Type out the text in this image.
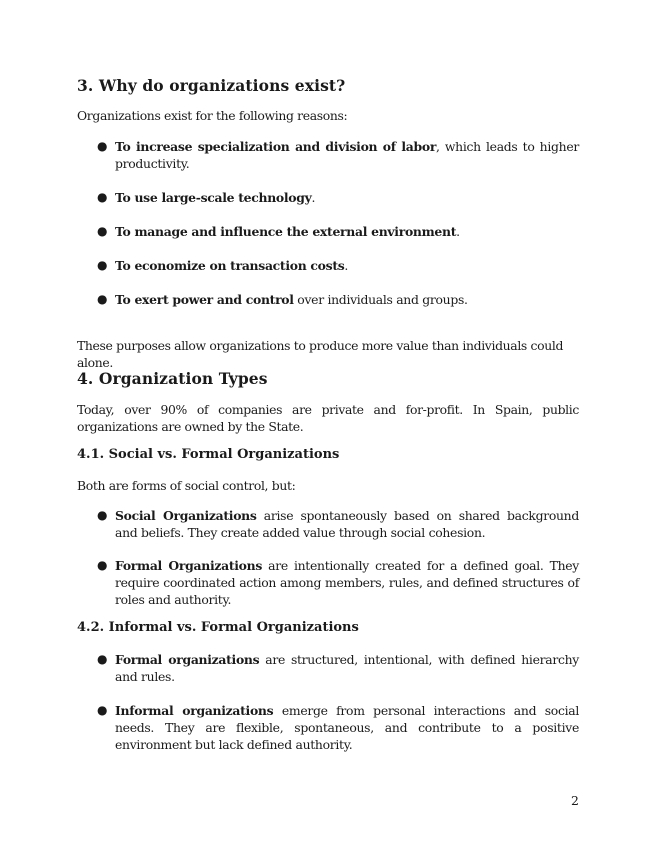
3. Why do organizations exist?

Organizations exist for the following reasons:

● To increase specialization and division of labor, which leads to higher productivity.
● To use large-scale technology.
● To manage and influence the external environment.
● To economize on transaction costs.
● To exert power and control over individuals and groups.

These purposes allow organizations to produce more value than individuals could alone.

4. Organization Types

Today, over 90% of companies are private and for-profit. In Spain, public organizations are owned by the State.

4.1. Social vs. Formal Organizations

Both are forms of social control, but:

● Social Organizations arise spontaneously based on shared background and beliefs. They create added value through social cohesion.
● Formal Organizations are intentionally created for a defined goal. They require coordinated action among members, rules, and defined structures of roles and authority.
4.2. Informal vs. Formal Organizations
● Formal organizations are structured, intentional, with defined hierarchy and rules.
● Informal organizations emerge from personal interactions and social needs. They are flexible, spontaneous, and contribute to a positive environment but lack defined authority.
2
